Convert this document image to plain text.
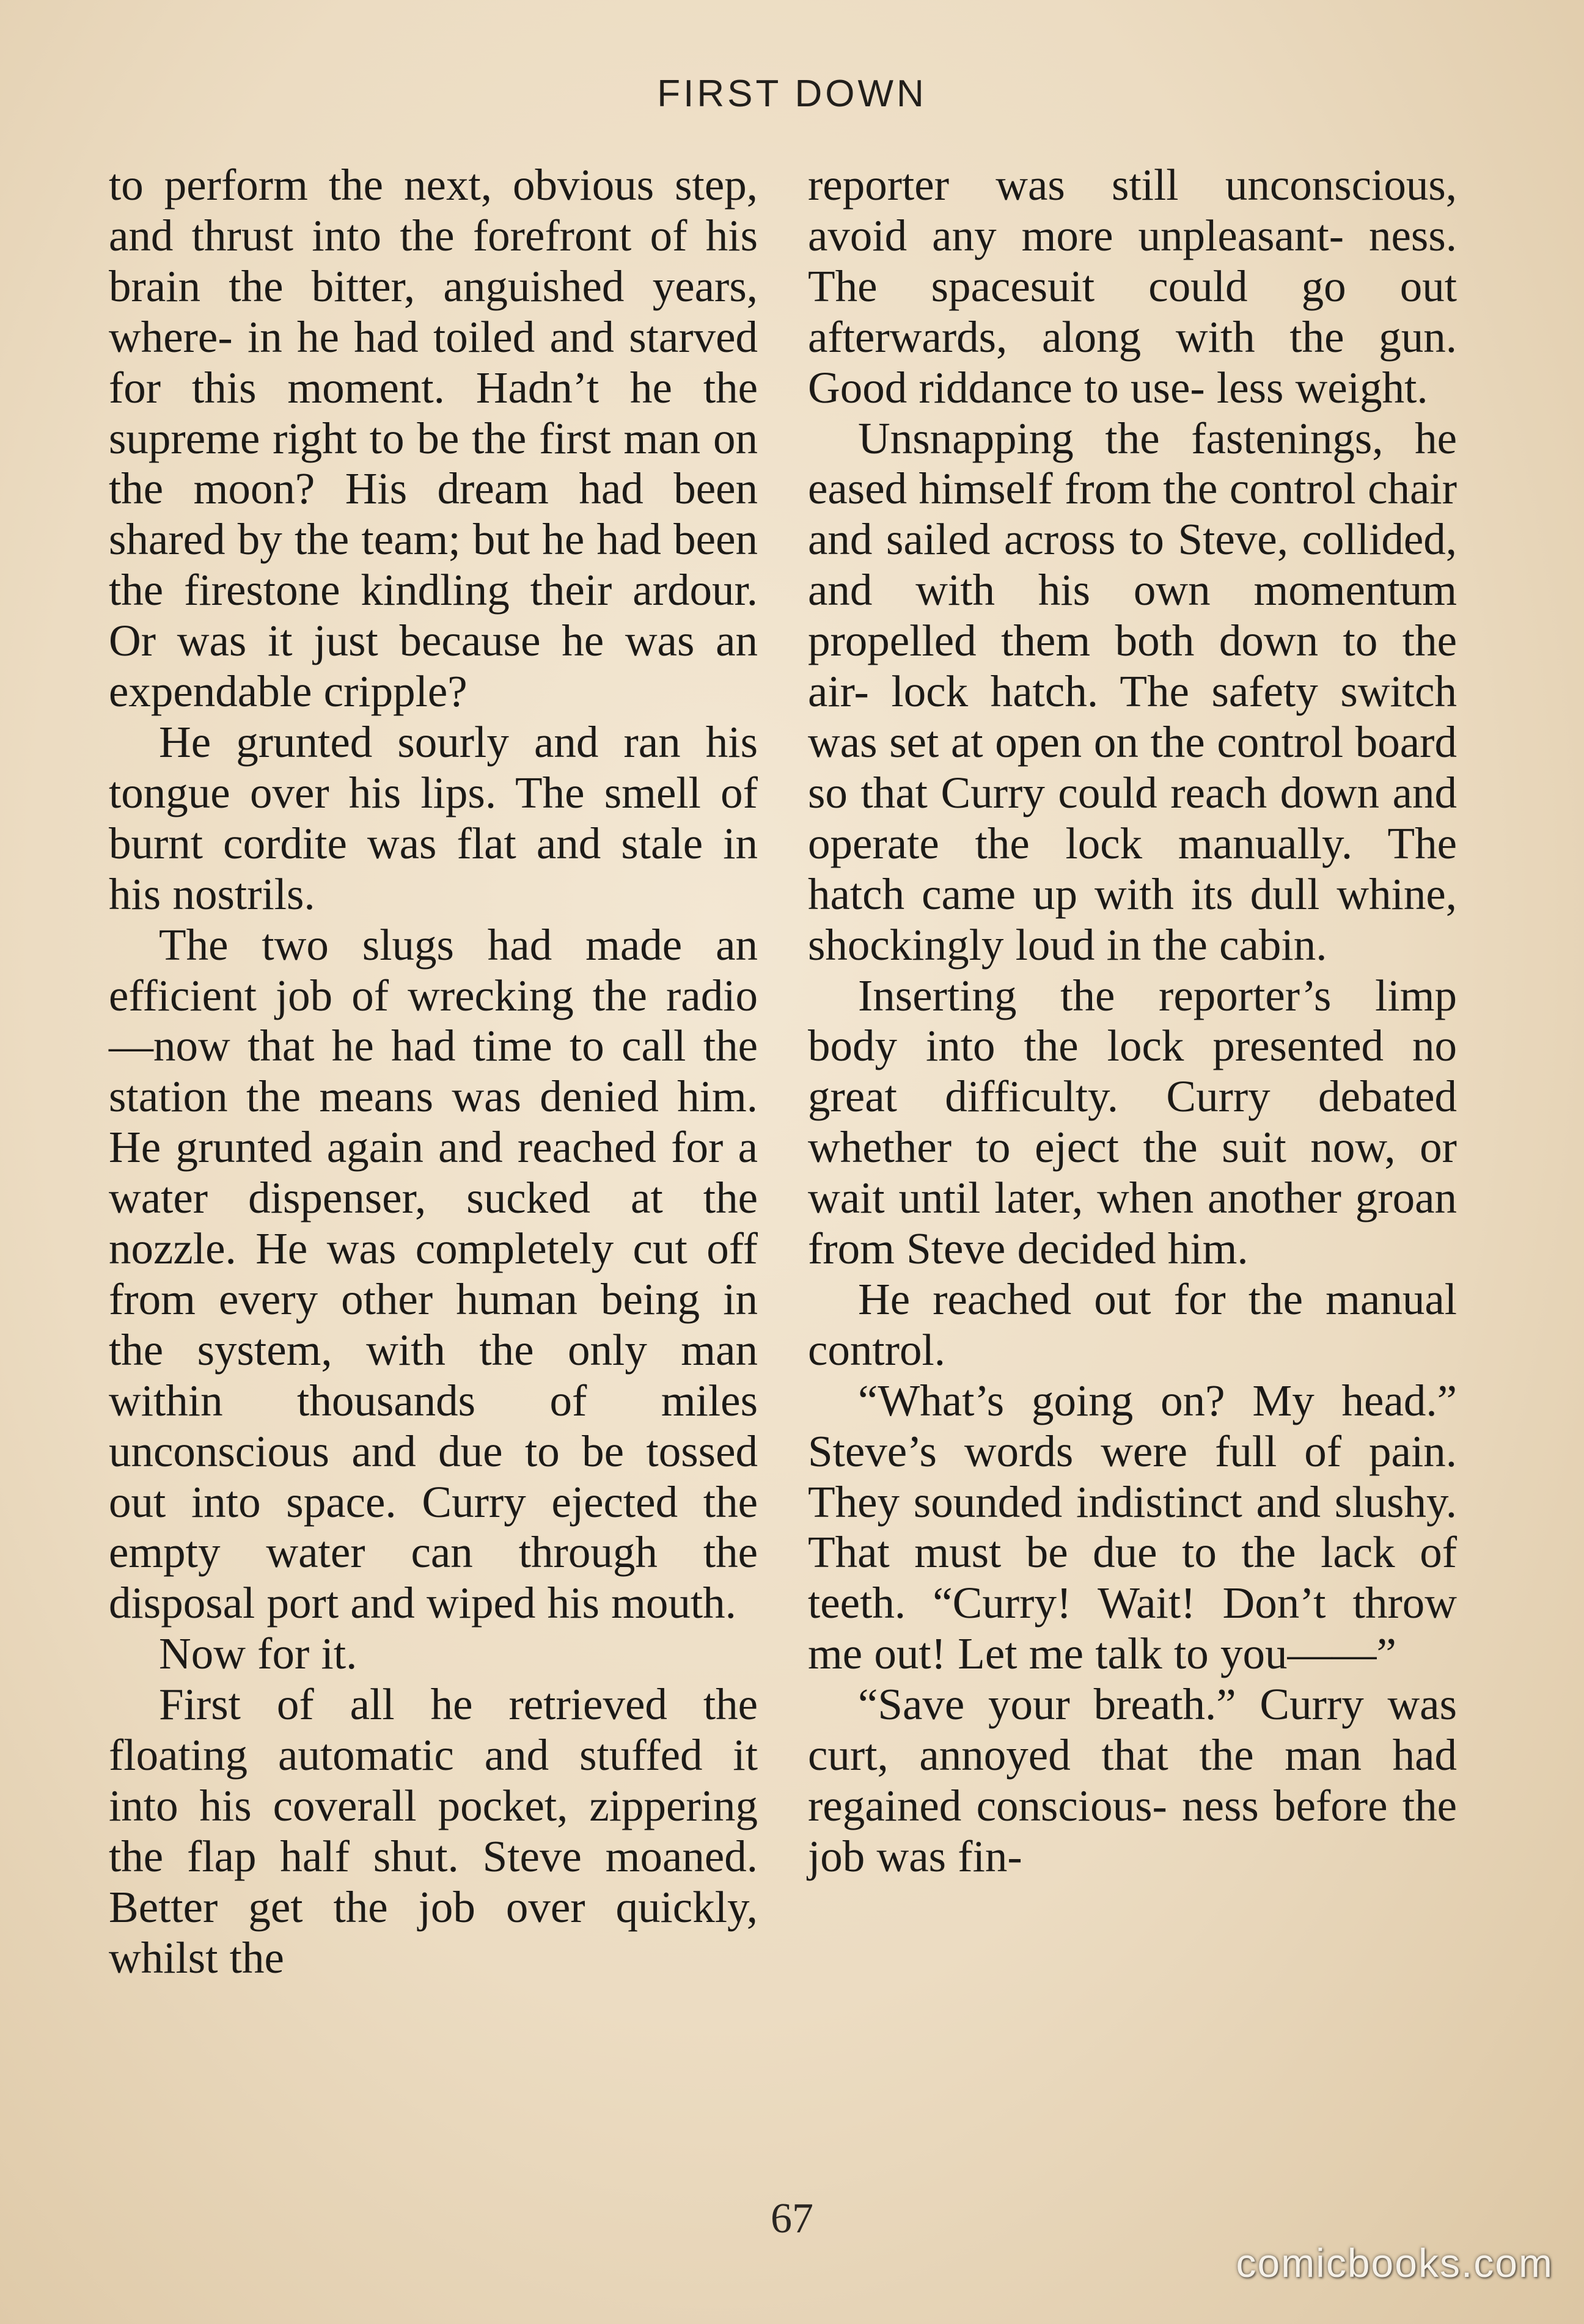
FIRST DOWN

to perform the next, obvious step, and thrust into the forefront of his brain the bitter, anguished years, where- in he had toiled and starved for this moment. Hadn’t he the supreme right to be the first man on the moon? His dream had been shared by the team; but he had been the firestone kindling their ardour. Or was it just because he was an expendable cripple?

He grunted sourly and ran his tongue over his lips. The smell of burnt cordite was flat and stale in his nostrils.

The two slugs had made an efficient job of wrecking the radio—now that he had time to call the station the means was denied him. He grunted again and reached for a water dispenser, sucked at the nozzle. He was completely cut off from every other human being in the system, with the only man within thousands of miles unconscious and due to be tossed out into space. Curry ejected the empty water can through the disposal port and wiped his mouth.

Now for it.

First of all he retrieved the floating automatic and stuffed it into his coverall pocket, zippering the flap half shut. Steve moaned. Better get the job over quickly, whilst the

reporter was still unconscious, avoid any more unpleasant- ness. The spacesuit could go out afterwards, along with the gun. Good riddance to use- less weight.

Unsnapping the fastenings, he eased himself from the control chair and sailed across to Steve, collided, and with his own momentum propelled them both down to the air- lock hatch. The safety switch was set at open on the control board so that Curry could reach down and operate the lock manually. The hatch came up with its dull whine, shockingly loud in the cabin.

Inserting the reporter’s limp body into the lock presented no great difficulty. Curry debated whether to eject the suit now, or wait until later, when another groan from Steve decided him.

He reached out for the manual control.

“What’s going on? My head.” Steve’s words were full of pain. They sounded indistinct and slushy. That must be due to the lack of teeth. “Curry! Wait! Don’t throw me out! Let me talk to you——”

“Save your breath.” Curry was curt, annoyed that the man had regained conscious- ness before the job was fin-

67
comicbooks.com
